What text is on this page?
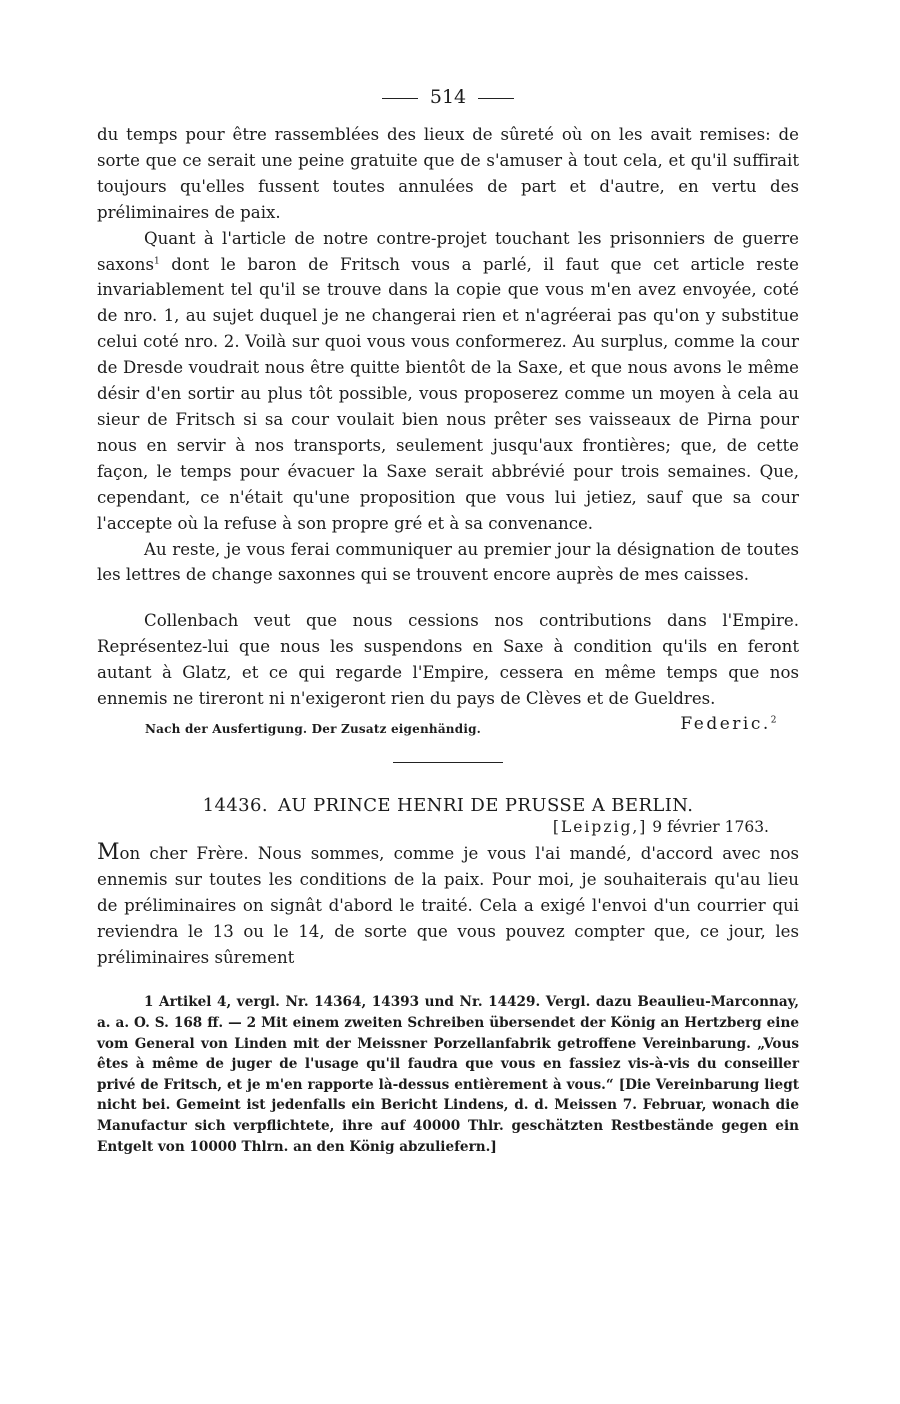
514

du temps pour être rassemblées des lieux de sûreté où on les avait remises: de sorte que ce serait une peine gratuite que de s'amuser à tout cela, et qu'il suffirait toujours qu'elles fussent toutes annulées de part et d'autre, en vertu des préliminaires de paix.

Quant à l'article de notre contre-projet touchant les prisonniers de guerre saxons$^1$ dont le baron de Fritsch vous a parlé, il faut que cet article reste invariablement tel qu'il se trouve dans la copie que vous m'en avez envoyée, coté de nro. 1, au sujet duquel je ne changerai rien et n'agréerai pas qu'on y substitue celui coté nro. 2. Voilà sur quoi vous vous conformerez. Au surplus, comme la cour de Dresde voudrait nous être quitte bientôt de la Saxe, et que nous avons le même désir d'en sortir au plus tôt possible, vous proposerez comme un moyen à cela au sieur de Fritsch si sa cour voulait bien nous prêter ses vaisseaux de Pirna pour nous en servir à nos transports, seulement jusqu'aux frontières; que, de cette façon, le temps pour évacuer la Saxe serait abbrévié pour trois semaines. Que, cependant, ce n'était qu'une proposition que vous lui jetiez, sauf que sa cour l'accepte où la refuse à son propre gré et à sa convenance.

Au reste, je vous ferai communiquer au premier jour la désignation de toutes les lettres de change saxonnes qui se trouvent encore auprès de mes caisses.

Collenbach veut que nous cessions nos contributions dans l'Empire. Représentez-lui que nous les suspendons en Saxe à condition qu'ils en feront autant à Glatz, et ce qui regarde l'Empire, cessera en même temps que nos ennemis ne tireront ni n'exigeront rien du pays de Clèves et de Gueldres.

Nach der Ausfertigung. Der Zusatz eigenhändig.	Federic.$^2$
14436. AU PRINCE HENRI DE PRUSSE A BERLIN.
[Leipzig,] 9 février 1763.

Mon cher Frère. Nous sommes, comme je vous l'ai mandé, d'accord avec nos ennemis sur toutes les conditions de la paix. Pour moi, je souhaiterais qu'au lieu de préliminaires on signât d'abord le traité. Cela a exigé l'envoi d'un courrier qui reviendra le 13 ou le 14, de sorte que vous pouvez compter que, ce jour, les préliminaires sûrement

1 Artikel 4, vergl. Nr. 14364, 14393 und Nr. 14429. Vergl. dazu Beaulieu-Marconnay, a. a. O. S. 168 ff. — 2 Mit einem zweiten Schreiben übersendet der König an Hertzberg eine vom General von Linden mit der Meissner Porzellanfabrik getroffene Vereinbarung. „Vous êtes à même de juger de l'usage qu'il faudra que vous en fassiez vis-à-vis du conseiller privé de Fritsch, et je m'en rapporte là-dessus entièrement à vous.“ [Die Vereinbarung liegt nicht bei. Gemeint ist jedenfalls ein Bericht Lindens, d. d. Meissen 7. Februar, wonach die Manufactur sich verpflichtete, ihre auf 40000 Thlr. geschätzten Restbestände gegen ein Entgelt von 10000 Thlrn. an den König abzuliefern.]
